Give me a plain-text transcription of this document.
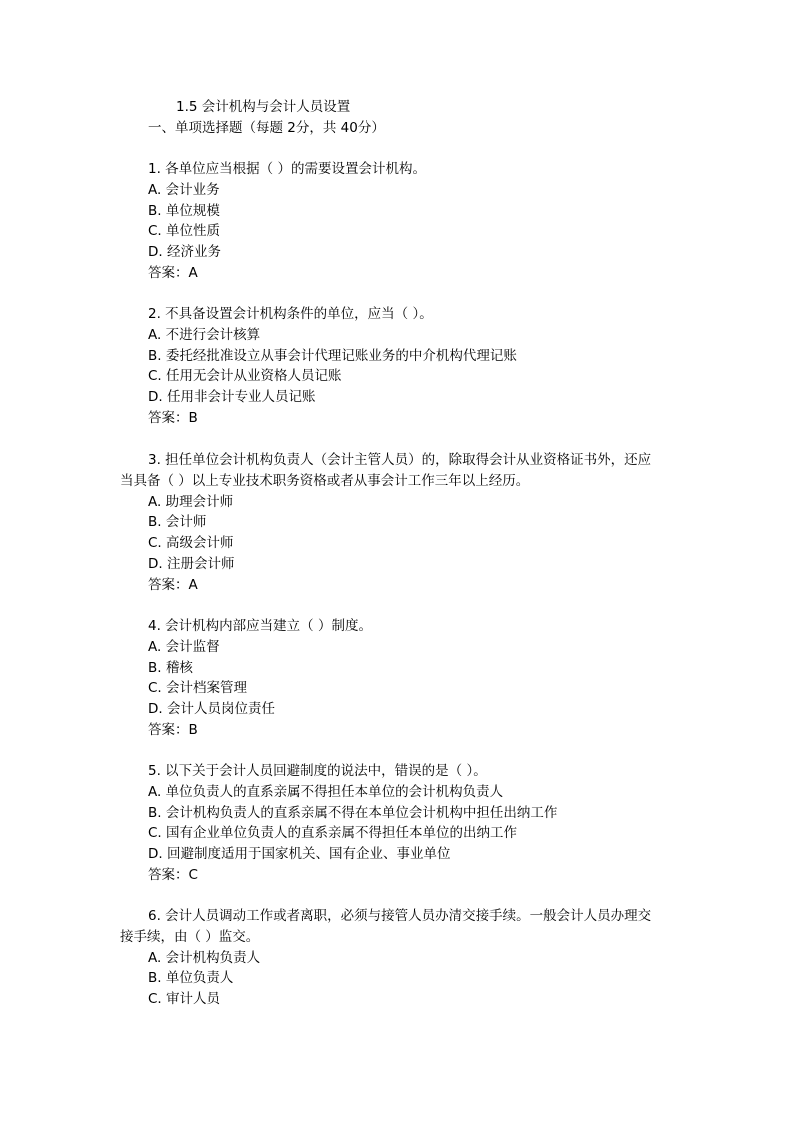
1.5 会计机构与会计人员设置

一、单项选择题（每题 2分，共 40分）

1. 各单位应当根据（ ）的需要设置会计机构。

A. 会计业务
B. 单位规模
C. 单位性质
D. 经济业务

答案：A

2. 不具备设置会计机构条件的单位，应当（ ）。

A. 不进行会计核算
B. 委托经批准设立从事会计代理记账业务的中介机构代理记账
C. 任用无会计从业资格人员记账
D. 任用非会计专业人员记账

答案：B

3. 担任单位会计机构负责人（会计主管人员）的，除取得会计从业资格证书外，还应

当具备（ ）以上专业技术职务资格或者从事会计工作三年以上经历。

A. 助理会计师
B. 会计师
C. 高级会计师
D. 注册会计师

答案：A

4. 会计机构内部应当建立（ ）制度。

A. 会计监督
B. 稽核
C. 会计档案管理
D. 会计人员岗位责任

答案：B

5. 以下关于会计人员回避制度的说法中，错误的是（ ）。

A. 单位负责人的直系亲属不得担任本单位的会计机构负责人
B. 会计机构负责人的直系亲属不得在本单位会计机构中担任出纳工作
C. 国有企业单位负责人的直系亲属不得担任本单位的出纳工作
D. 回避制度适用于国家机关、国有企业、事业单位

答案：C

6. 会计人员调动工作或者离职，必须与接管人员办清交接手续。一般会计人员办理交

接手续，由（ ）监交。

A. 会计机构负责人
B. 单位负责人
C. 审计人员
